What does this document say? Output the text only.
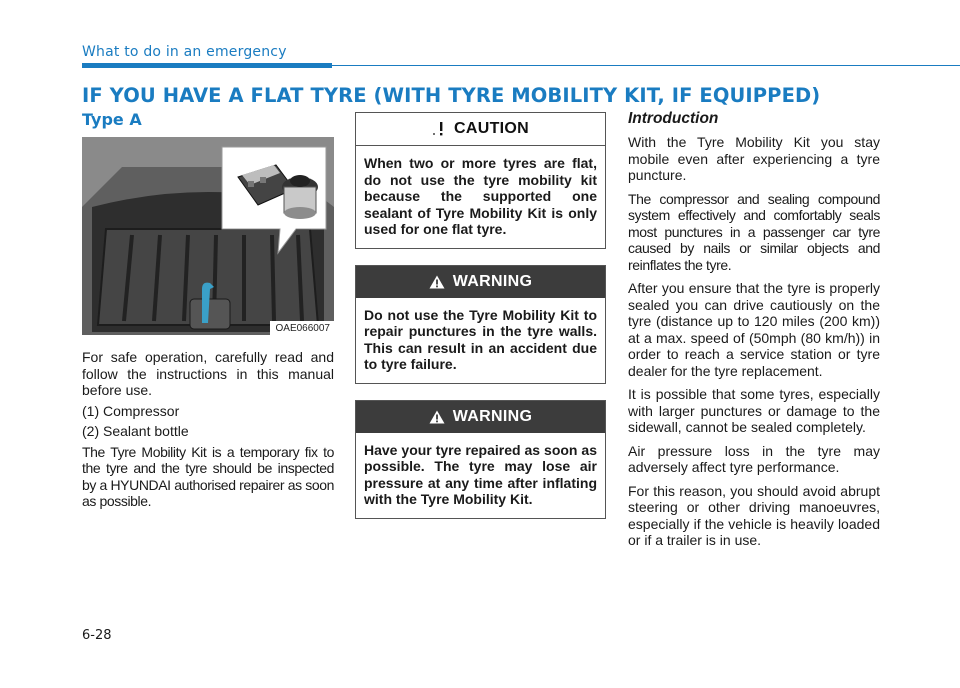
What to do in an emergency
IF YOU HAVE A FLAT TYRE (WITH TYRE MOBILITY KIT, IF EQUIPPED)
Type A
OAE066007

For safe operation, carefully read and follow the instructions in this manual before use.

(1) Compressor

(2) Sealant bottle

The Tyre Mobility Kit is a temporary fix to the tyre and the tyre should be inspected by a HYUNDAI authorised repairer as soon as possible.

CAUTION
When two or more tyres are flat, do not use the tyre mobility kit because the supported one sealant of Tyre Mobility Kit is only used for one flat tyre.
WARNING
Do not use the Tyre Mobility Kit to repair punctures in the tyre walls. This can result in an accident due to tyre failure.
WARNING
Have your tyre repaired as soon as possible. The tyre may lose air pressure at any time after inflating with the Tyre Mobility Kit.
Introduction

With the Tyre Mobility Kit you stay mobile even after experiencing a tyre puncture.

The compressor and sealing compound system effectively and comfortably seals most punctures in a passenger car tyre caused by nails or similar objects and reinflates the tyre.

After you ensure that the tyre is properly sealed you can drive cautiously on the tyre (distance up to 120 miles (200 km)) at a max. speed of (50mph (80 km/h)) in order to reach a service station or tyre dealer for the tyre replacement.

It is possible that some tyres, especially with larger punctures or damage to the sidewall, cannot be sealed completely.

Air pressure loss in the tyre may adversely affect tyre performance.

For this reason, you should avoid abrupt steering or other driving manoeuvres, especially if the vehicle is heavily loaded or if a trailer is in use.

6-28
